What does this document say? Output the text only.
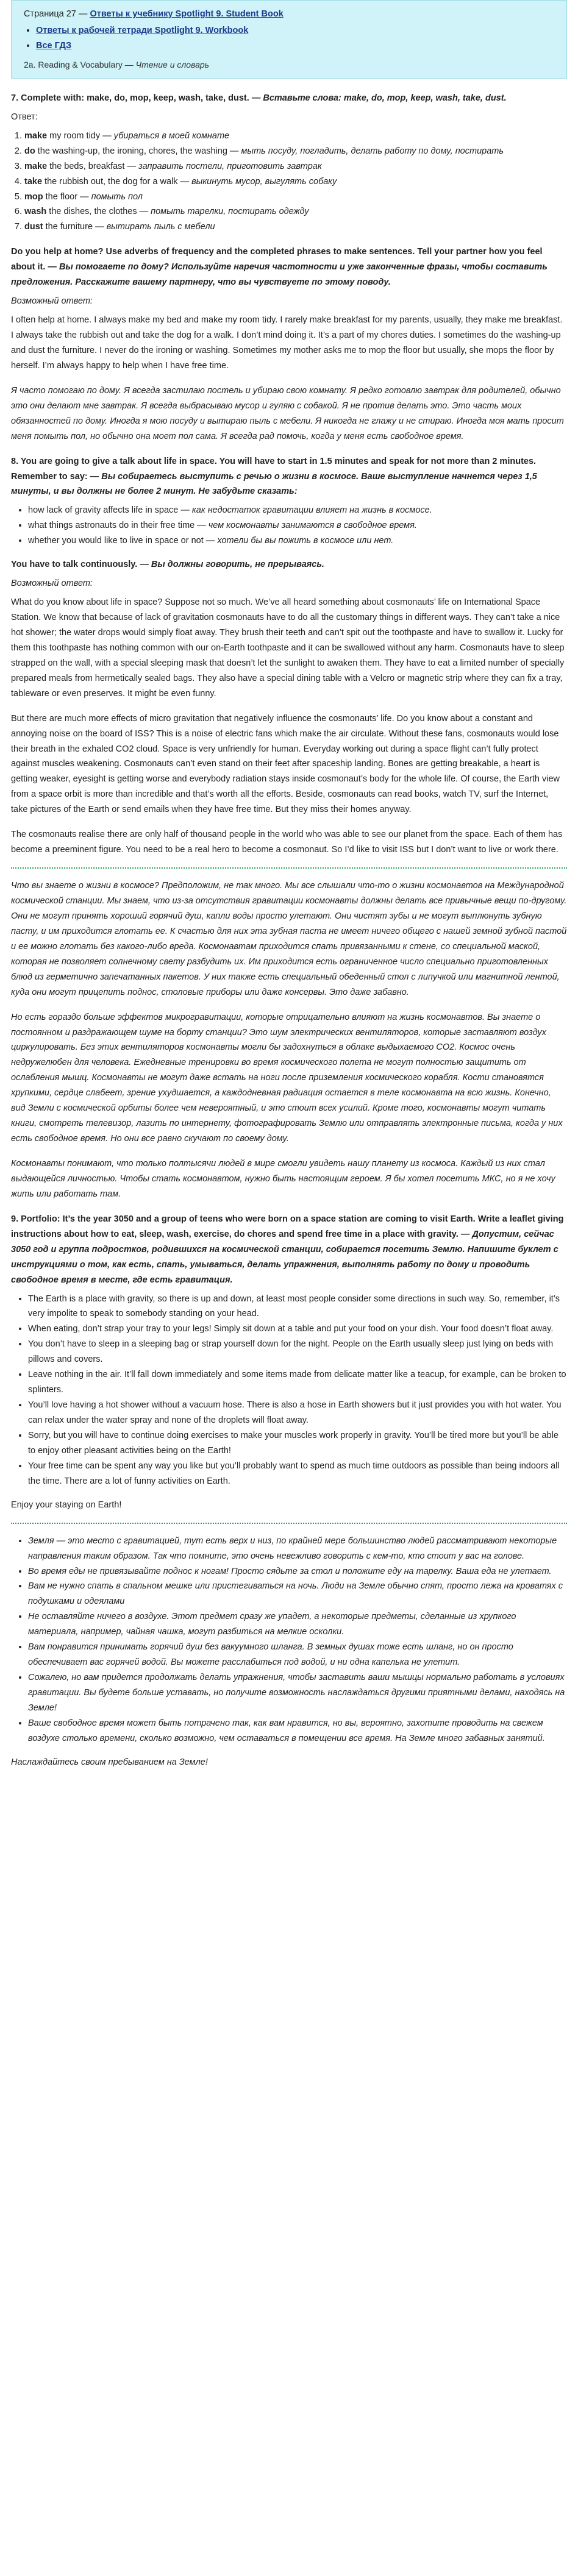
Страница 27 — Ответы к учебнику Spotlight 9. Student Book
• Ответы к рабочей тетради Spotlight 9. Workbook
• Все ГДЗ
2a. Reading & Vocabulary — Чтение и словарь
7. Complete with: make, do, mop, keep, wash, take, dust. — Вставьте слова: make, do, mop, keep, wash, take, dust.
Ответ:
1. make my room tidy — убираться в моей комнате
2. do the washing-up, the ironing, chores, the washing — мыть посуду, погладить, делать работу по дому, постирать
3. make the beds, breakfast — заправить постели, приготовить завтрак
4. take the rubbish out, the dog for a walk — выкинуть мусор, выгулять собаку
5. mop the floor — помыть пол
6. wash the dishes, the clothes — помыть тарелки, постирать одежду
7. dust the furniture — вытирать пыль с мебели
Do you help at home? Use adverbs of frequency and the completed phrases to make sentences. Tell your partner how you feel about it. — Вы помогаете по дому? Используйте наречия частотности и уже законченные фразы, чтобы составить предложения. Расскажите вашему партнеру, что вы чувствуете по этому поводу.
Возможный ответ:

I often help at home. I always make my bed and make my room tidy. I rarely make breakfast for my parents, usually, they make me breakfast. I always take the rubbish out and take the dog for a walk. I don’t mind doing it. It’s a part of my chores duties. I sometimes do the washing-up and dust the furniture. I never do the ironing or washing. Sometimes my mother asks me to mop the floor but usually, she mops the floor by herself. I’m always happy to help when I have free time.

Я часто помогаю по дому. Я всегда застилаю постель и убираю свою комнату. Я редко готовлю завтрак для родителей, обычно это они делают мне завтрак. Я всегда выбрасываю мусор и гуляю с собакой. Я не против делать это. Это часть моих обязанностей по дому. Иногда я мою посуду и вытираю пыль с мебели. Я никогда не глажу и не стираю. Иногда моя мать просит меня помыть пол, но обычно она моет пол сама. Я всегда рад помочь, когда у меня есть свободное время.

8. You are going to give a talk about life in space. You will have to start in 1.5 minutes and speak for not more than 2 minutes. Remember to say: — Вы собираетесь выступить с речью о жизни в космосе. Ваше выступление начнется через 1,5 минуты, и вы должны не более 2 минут. Не забудьте сказать:
• how lack of gravity affects life in space — как недостаток гравитации влияет на жизнь в космосе.
• what things astronauts do in their free time — чем космонавты занимаются в свободное время.
• whether you would like to live in space or not — хотели бы вы пожить в космосе или нет.
You have to talk continuously. — Вы должны говорить, не прерываясь.
Возможный ответ:

What do you know about life in space? Suppose not so much. We’ve all heard something about cosmonauts’ life on International Space Station. We know that because of lack of gravitation cosmonauts have to do all the customary things in different ways. They can’t take a nice hot shower; the water drops would simply float away. They brush their teeth and can’t spit out the toothpaste and have to swallow it. Lucky for them this toothpaste has nothing common with our on-Earth toothpaste and it can be swallowed without any harm. Cosmonauts have to sleep strapped on the wall, with a special sleeping mask that doesn’t let the sunlight to awaken them. They have to eat a limited number of specially prepared meals from hermetically sealed bags. They also have a special dining table with a Velcro or magnetic strip where they can fix a tray, tableware or even preserves. It might be even funny.

But there are much more effects of micro gravitation that negatively influence the cosmonauts’ life. Do you know about a constant and annoying noise on the board of ISS? This is a noise of electric fans which make the air circulate. Without these fans, cosmonauts would lose their breath in the exhaled CO2 cloud. Space is very unfriendly for human. Everyday working out during a space flight can’t fully protect against muscles weakening. Cosmonauts can’t even stand on their feet after spaceship landing. Bones are getting breakable, a heart is getting weaker, eyesight is getting worse and everybody radiation stays inside cosmonaut’s body for the whole life. Of course, the Earth view from a space orbit is more than incredible and that’s worth all the efforts. Beside, cosmonauts can read books, watch TV, surf the Internet, take pictures of the Earth or send emails when they have free time. But they miss their homes anyway.

The cosmonauts realise there are only half of thousand people in the world who was able to see our planet from the space. Each of them has become a preeminent figure. You need to be a real hero to become a cosmonaut. So I’d like to visit ISS but I don’t want to live or work there.

Что вы знаете о жизни в космосе? Предположим, не так много. Мы все слышали что-то о жизни космонавтов на Международной космической станции. Мы знаем, что из-за отсутствия гравитации космонавты должны делать все привычные вещи по-другому. Они не могут принять хороший горячий душ, капли воды просто улетают. Они чистят зубы и не могут выплюнуть зубную пасту, и им приходится глотать ее. К счастью для них эта зубная паста не имеет ничего общего с нашей земной зубной пастой и ее можно глотать без какого-либо вреда. Космонавтам приходится спать привязанными к стене, со специальной маской, которая не позволяет солнечному свету разбудить их. Им приходится есть ограниченное число специально приготовленных блюд из герметично запечатанных пакетов. У них также есть специальный обеденный стол с липучкой или магнитной лентой, куда они могут прицепить поднос, столовые приборы или даже консервы. Это даже забавно.

Но есть гораздо больше эффектов микрогравитации, которые отрицательно влияют на жизнь космонавтов. Вы знаете о постоянном и раздражающем шуме на борту станции? Это шум электрических вентиляторов, которые заставляют воздух циркулировать. Без этих вентиляторов космонавты могли бы задохнуться в облаке выдыхаемого CO2. Космос очень недружелюбен для человека. Ежедневные тренировки во время космического полета не могут полностью защитить от ослабления мышц. Космонавты не могут даже встать на ноги после приземления космического корабля. Кости становятся хрупкими, сердце слабеет, зрение ухудшается, а каждодневная радиация остается в теле космонавта на всю жизнь. Конечно, вид Земли с космической орбиты более чем невероятный, и это стоит всех усилий. Кроме того, космонавты могут читать книги, смотреть телевизор, лазить по интернету, фотографировать Землю или отправлять электронные письма, когда у них есть свободное время. Но они все равно скучают по своему дому.

Космонавты понимают, что только полтысячи людей в мире смогли увидеть нашу планету из космоса. Каждый из них стал выдающейся личностью. Чтобы стать космонавтом, нужно быть настоящим героем. Я бы хотел посетить МКС, но я не хочу жить или работать там.

9. Portfolio: It’s the year 3050 and a group of teens who were born on a space station are coming to visit Earth. Write a leaflet giving instructions about how to eat, sleep, wash, exercise, do chores and spend free time in a place with gravity. — Допустим, сейчас 3050 год и группа подростков, родившихся на космической станции, собирается посетить Землю. Напишите буклет с инструкциями о том, как есть, спать, умываться, делать упражнения, выполнять работу по дому и проводить свободное время в месте, где есть гравитация.
• The Earth is a place with gravity, so there is up and down, at least most people consider some directions in such way. So, remember, it’s very impolite to speak to somebody standing on your head.
• When eating, don’t strap your tray to your legs! Simply sit down at a table and put your food on your dish. Your food doesn’t float away.
• You don’t have to sleep in a sleeping bag or strap yourself down for the night. People on the Earth usually sleep just lying on beds with pillows and covers.
• Leave nothing in the air. It’ll fall down immediately and some items made from delicate matter like a teacup, for example, can be broken to splinters.
• You’ll love having a hot shower without a vacuum hose. There is also a hose in Earth showers but it just provides you with hot water. You can relax under the water spray and none of the droplets will float away.
• Sorry, but you will have to continue doing exercises to make your muscles work properly in gravity. You’ll be tired more but you’ll be able to enjoy other pleasant activities being on the Earth!
• Your free time can be spent any way you like but you’ll probably want to spend as much time outdoors as possible than being indoors all the time. There are a lot of funny activities on Earth.

Enjoy your staying on Earth!

• Земля — это место с гравитацией, тут есть верх и низ, по крайней мере большинство людей рассматривают некоторые направления таким образом. Так что помните, это очень невежливо говорить с кем-то, кто стоит у вас на голове.
• Во время еды не привязывайте поднос к ногам! Просто сядьте за стол и положите еду на тарелку. Ваша еда не улетает.
• Вам не нужно спать в спальном мешке или пристегиваться на ночь. Люди на Земле обычно спят, просто лежа на кроватях с подушками и одеялами
• Не оставляйте ничего в воздухе. Этот предмет сразу же упадет, а некоторые предметы, сделанные из хрупкого материала, например, чайная чашка, могут разбиться на мелкие осколки.
• Вам понравится принимать горячий душ без вакуумного шланга. В земных душах тоже есть шланг, но он просто обеспечивает вас горячей водой. Вы можете расслабиться под водой, и ни одна капелька не улетит.
• Сожалею, но вам придется продолжать делать упражнения, чтобы заставить ваши мышцы нормально работать в условиях гравитации. Вы будете больше уставать, но получите возможность наслаждаться другими приятными делами, находясь на Земле!
• Ваше свободное время может быть потрачено так, как вам нравится, но вы, вероятно, захотите проводить на свежем воздухе столько времени, сколько возможно, чем оставаться в помещении все время. На Земле много забавных занятий.

Наслаждайтесь своим пребыванием на Земле!
